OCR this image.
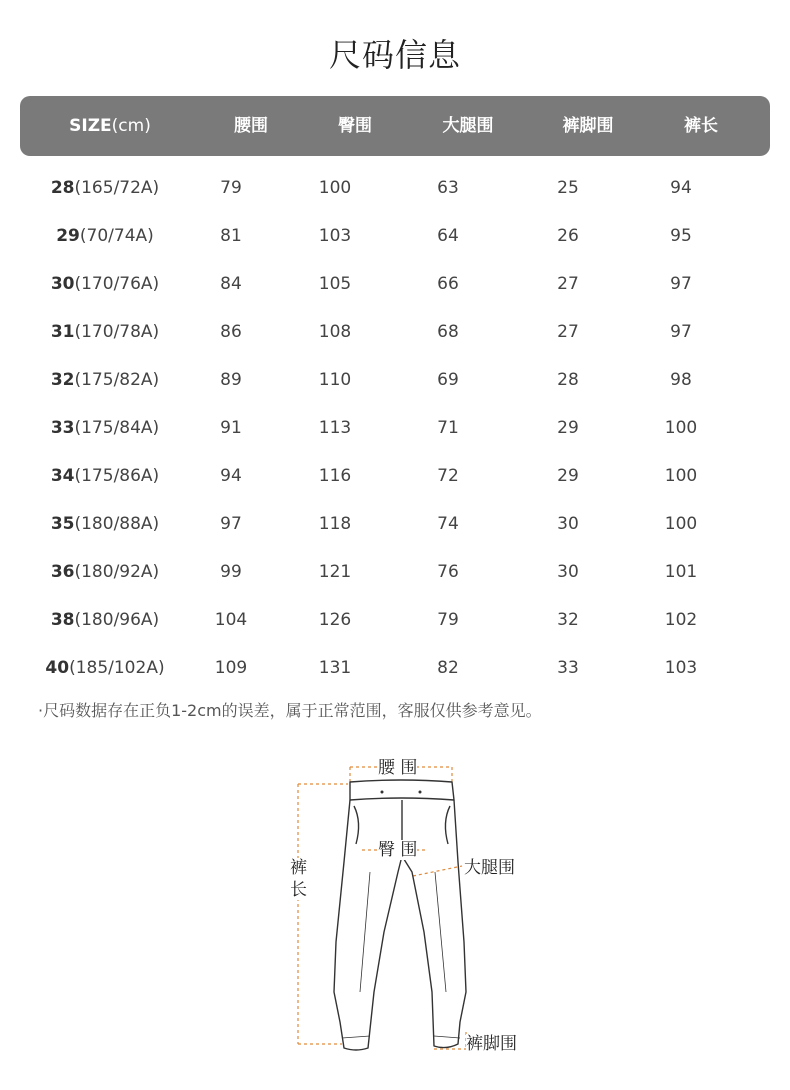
尺码信息
SIZE(cm)	腰围	臀围	大腿围	裤脚围	裤长
28(165/72A)	79	100	63	25	94
29(70/74A)	81	103	64	26	95
30(170/76A)	84	105	66	27	97
31(170/78A)	86	108	68	27	97
32(175/82A)	89	110	69	28	98
33(175/84A)	91	113	71	29	100
34(175/86A)	94	116	72	29	100
35(180/88A)	97	118	74	30	100
36(180/92A)	99	121	76	30	101
38(180/96A)	104	126	79	32	102
40(185/102A)	109	131	82	33	103
·尺码数据存在正负1-2cm的误差，属于正常范围，客服仅供参考意见。
腰 围
臀 围
大腿围
裤
长
裤脚围
